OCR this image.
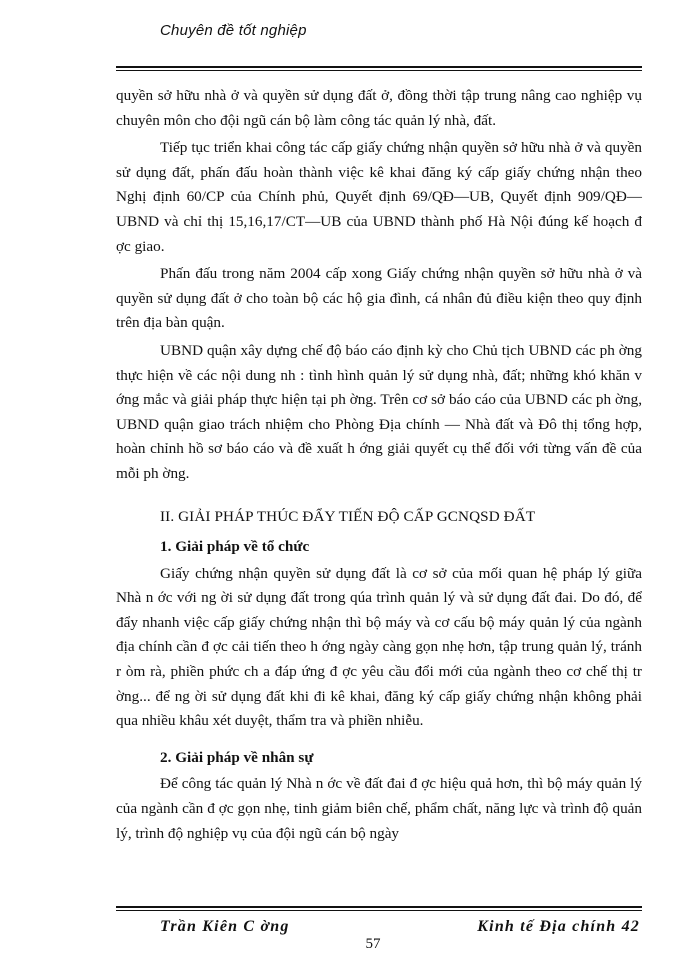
Chuyên đề tốt nghiệp

quyền sở hữu nhà ở và quyền sử dụng đất ở, đồng thời tập trung nâng cao nghiệp vụ chuyên môn cho đội ngũ cán bộ làm công tác quản lý nhà, đất.

Tiếp tục triển khai công tác cấp giấy chứng nhận quyền sở hữu nhà ở và quyền sử dụng đất, phấn đấu hoàn thành việc kê khai đăng ký cấp giấy chứng nhận theo Nghị định 60/CP của Chính phủ, Quyết định 69/QĐ—UB, Quyết định 909/QĐ—UBND và chỉ thị 15,16,17/CT—UB của UBND thành phố Hà Nội đúng kế hoạch đ ợc giao.

Phấn đấu trong năm 2004 cấp xong Giấy chứng nhận quyền sở hữu nhà ở và quyền sử dụng đất ở cho toàn bộ các hộ gia đình, cá nhân đủ điều kiện theo quy định trên địa bàn quận.

UBND quận xây dựng chế độ báo cáo định kỳ cho Chủ tịch UBND các ph ờng thực hiện về các nội dung nh : tình hình quản lý sử dụng nhà, đất; những khó khăn v ớng mắc và giải pháp thực hiện tại ph ờng. Trên cơ sở báo cáo của UBND các ph ờng, UBND quận giao trách nhiệm cho Phòng Địa chính — Nhà đất và Đô thị tổng hợp, hoàn chỉnh hồ sơ báo cáo và đề xuất h ớng giải quyết cụ thể đối với từng vấn đề của mỗi ph ờng.

II. GIẢI PHÁP THÚC ĐẨY TIẾN ĐỘ CẤP GCNQSD ĐẤT

1. Giải pháp về tổ chức

Giấy chứng nhận quyền sử dụng đất là cơ sở của mối quan hệ pháp lý giữa Nhà n ớc với ng ời sử dụng đất trong qúa trình quản lý và sử dụng đất đai. Do đó, để đẩy nhanh việc cấp giấy chứng nhận thì bộ máy và cơ cấu bộ máy quản lý của ngành địa chính cần đ ợc cải tiến theo h ớng ngày càng gọn nhẹ hơn, tập trung quản lý, tránh r òm rà, phiền phức ch a đáp ứng đ ợc yêu cầu đổi mới của ngành theo cơ chế thị tr ờng... để ng ời sử dụng đất khi đi kê khai, đăng ký cấp giấy chứng nhận không phải qua nhiều khâu xét duyệt, thẩm tra và phiền nhiễu.

2. Giải pháp về nhân sự

Để công tác quản lý Nhà n ớc về đất đai đ ợc hiệu quả hơn, thì bộ máy quản lý của ngành cần đ ợc gọn nhẹ, tinh giảm biên chế, phẩm chất, năng lực và trình độ quản lý, trình độ nghiệp vụ của đội ngũ cán bộ ngày

Trần Kiên C ờng	Kinh tế Địa chính 42
57
